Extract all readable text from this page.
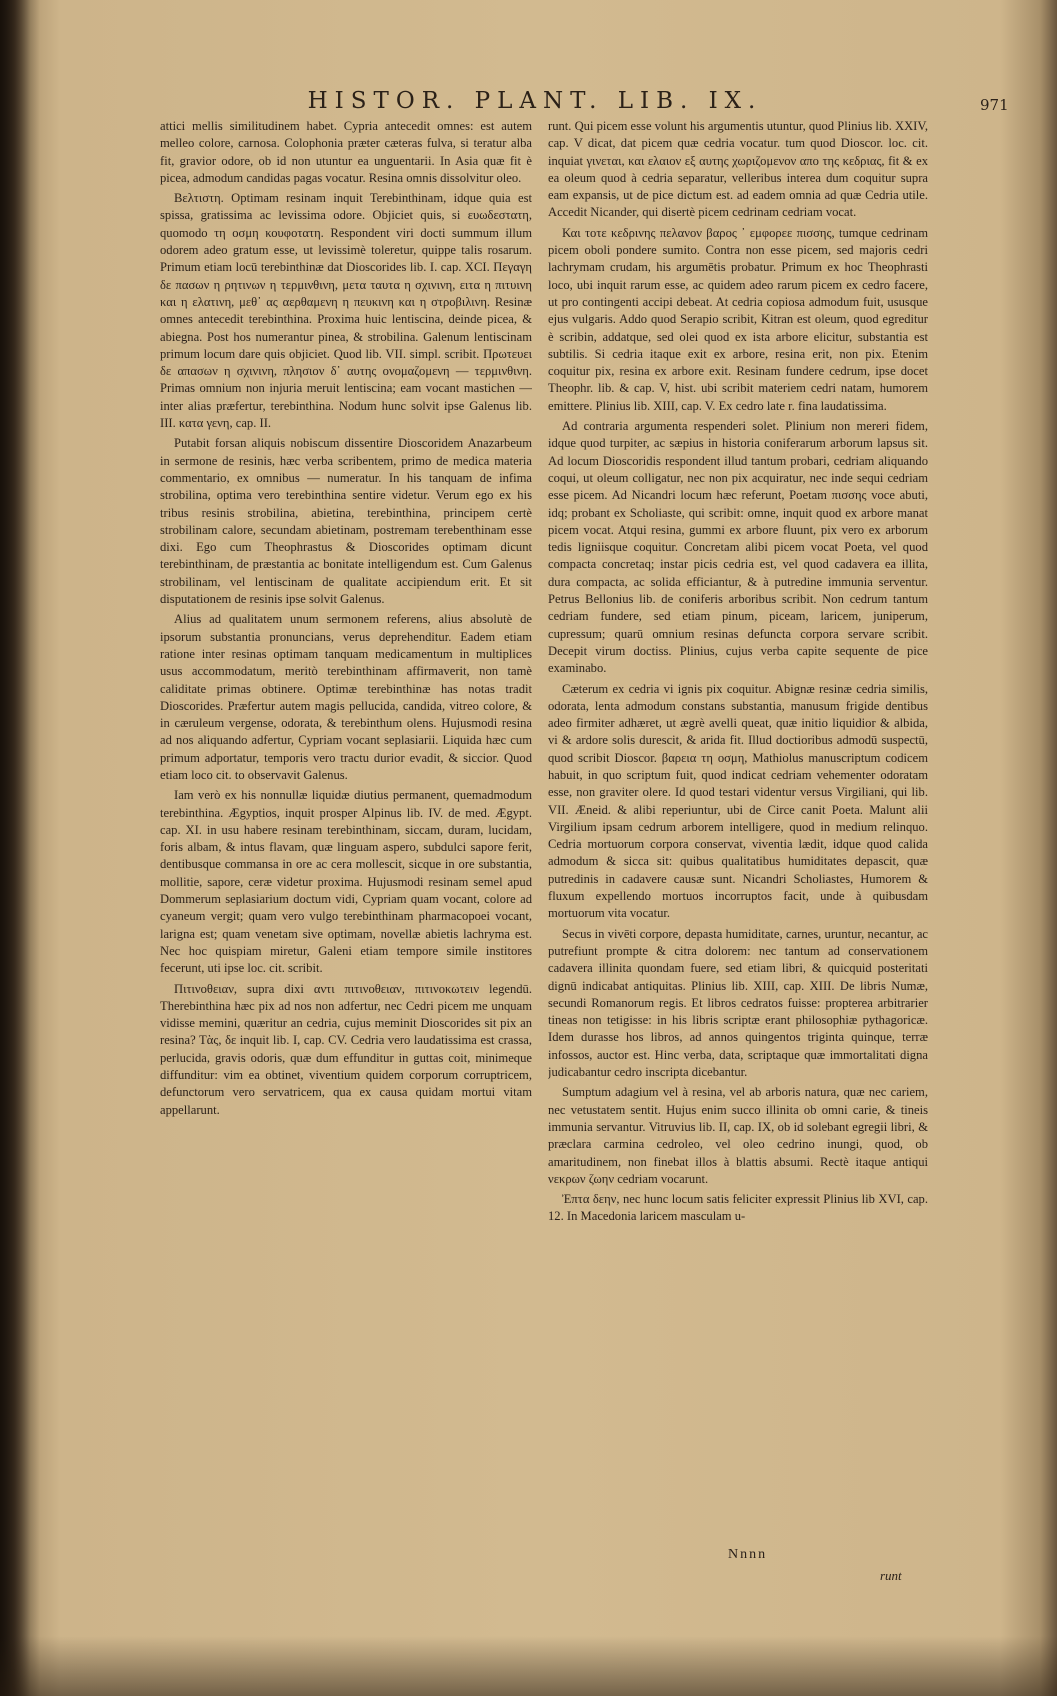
HISTOR. PLANT. LIB. IX.	971

attici mellis similitudinem habet. Cypria antecedit omnes: est autem melleo colore, carnosa. Colophonia præter cæteras fulva, si teratur alba fit, gravior odore, ob id non utuntur ea unguentarii. In Asia quæ fit è picea, admodum candidas pagas vocatur. Resina omnis dissolvitur oleo.

Βελτιστη. Optimam resinam inquit Terebinthinam, idque quia est spissa, gratissima ac levissima odore. Objiciet quis, si ευωδεστατη, quomodo τη οσμη κουφοτατη. Respondent viri docti summum illum odorem adeo gratum esse, ut levissimè toleretur, quippe talis rosarum. Primum etiam locū terebinthinæ dat Dioscorides lib. I. cap. XCI. Πεγαγη δε πασων η ρητινων η τερμινθινη, μετα ταυτα η σχινινη, ειτα η πιτυινη και η ελατινη, μεθ᾽ ας αερθαμενη η πευκινη και η στροβιλινη. Resinæ omnes antecedit terebinthina. Proxima huic lentiscina, deinde picea, & abiegna. Post hos numerantur pinea, & strobilina. Galenum lentiscinam primum locum dare quis objiciet. Quod lib. VII. simpl. scribit. Πρωτευει δε απασων η σχινινη, πλησιον δ᾽ αυτης ονομαζομενη — τερμινθινη. Primas omnium non injuria meruit lentiscina; eam vocant mastichen — inter alias præfertur, terebinthina. Nodum hunc solvit ipse Galenus lib. III. κατα γενη, cap. II.

Putabit forsan aliquis nobiscum dissentire Dioscoridem Anazarbeum in sermone de resinis, hæc verba scribentem, primo de medica materia commentario, ex omnibus — numeratur. In his tanquam de infima strobilina, optima vero terebinthina sentire videtur. Verum ego ex his tribus resinis strobilina, abietina, terebinthina, principem certè strobilinam calore, secundam abietinam, postremam terebenthinam esse dixi. Ego cum Theophrastus & Dioscorides optimam dicunt terebinthinam, de præstantia ac bonitate intelligendum est. Cum Galenus strobilinam, vel lentiscinam de qualitate accipiendum erit. Et sit disputationem de resinis ipse solvit Galenus.

Alius ad qualitatem unum sermonem referens, alius absolutè de ipsorum substantia pronuncians, verus deprehenditur. Eadem etiam ratione inter resinas optimam tanquam medicamentum in multiplices usus accommodatum, meritò terebinthinam affirmaverit, non tamè caliditate primas obtinere. Optimæ terebinthinæ has notas tradit Dioscorides. Præfertur autem magis pellucida, candida, vitreo colore, & in cæruleum vergense, odorata, & terebinthum olens. Hujusmodi resina ad nos aliquando adfertur, Cypriam vocant seplasiarii. Liquida hæc cum primum adportatur, temporis vero tractu durior evadit, & siccior. Quod etiam loco cit. to observavit Galenus.

Iam verò ex his nonnullæ liquidæ diutius permanent, quemadmodum terebinthina. Ægyptios, inquit prosper Alpinus lib. IV. de med. Ægypt. cap. XI. in usu habere resinam terebinthinam, siccam, duram, lucidam, foris albam, & intus flavam, quæ linguam aspero, subdulci sapore ferit, dentibusque commansa in ore ac cera mollescit, sicque in ore substantia, mollitie, sapore, ceræ videtur proxima. Hujusmodi resinam semel apud Dommerum seplasiarium doctum vidi, Cypriam quam vocant, colore ad cyaneum vergit; quam vero vulgo terebinthinam pharmacopoei vocant, larigna est; quam venetam sive optimam, novellæ abietis lachryma est. Nec hoc quispiam miretur, Galeni etiam tempore simile institores fecerunt, uti ipse loc. cit. scribit.

Πιτινοθειαν, supra dixi αντι πιτινοθειαν, πιτινοκωτειν legendū. Therebinthina hæc pix ad nos non adfertur, nec Cedri picem me unquam vidisse memini, quæritur an cedria, cujus meminit Dioscorides sit pix an resina? Tὰς, δε inquit lib. I, cap. CV. Cedria vero laudatissima est crassa, perlucida, gravis odoris, quæ dum effunditur in guttas coit, minimeque diffunditur: vim ea obtinet, viventium quidem corporum corruptricem, defunctorum vero servatricem, qua ex causa quidam mortui vitam appellarunt.

runt. Qui picem esse volunt his argumentis utuntur, quod Plinius lib. XXIV, cap. V dicat, dat picem quæ cedria vocatur. tum quod Dioscor. loc. cit. inquiat γινεται, και ελαιον εξ αυτης χωριζομενον απο της κεδριας, fit & ex ea oleum quod à cedria separatur, velleribus interea dum coquitur supra eam expansis, ut de pice dictum est. ad eadem omnia ad quæ Cedria utile. Accedit Nicander, qui disertè picem cedrinam cedriam vocat.

Και τοτε κεδρινης πελανον βαρος ᾽ εμφορεε πισσης, tumque cedrinam picem oboli pondere sumito. Contra non esse picem, sed majoris cedri lachrymam crudam, his argumētis probatur. Primum ex hoc Theophrasti loco, ubi inquit rarum esse, ac quidem adeo rarum picem ex cedro facere, ut pro contingenti accipi debeat. At cedria copiosa admodum fuit, ususque ejus vulgaris. Addo quod Serapio scribit, Kitran est oleum, quod egreditur è scribin, addatque, sed olei quod ex ista arbore elicitur, substantia est subtilis. Si cedria itaque exit ex arbore, resina erit, non pix. Etenim coquitur pix, resina ex arbore exit. Resinam fundere cedrum, ipse docet Theophr. lib. & cap. V, hist. ubi scribit materiem cedri natam, humorem emittere. Plinius lib. XIII, cap. V. Ex cedro late r. fina laudatissima.

Ad contraria argumenta respenderi solet. Plinium non mereri fidem, idque quod turpiter, ac sæpius in historia coniferarum arborum lapsus sit. Ad locum Dioscoridis respondent illud tantum probari, cedriam aliquando coqui, ut oleum colligatur, nec non pix acquiratur, nec inde sequi cedriam esse picem. Ad Nicandri locum hæc referunt, Poetam πισσης voce abuti, idq; probant ex Scholiaste, qui scribit: omne, inquit quod ex arbore manat picem vocat. Atqui resina, gummi ex arbore fluunt, pix vero ex arborum tedis ligniisque coquitur. Concretam alibi picem vocat Poeta, vel quod compacta concretaq; instar picis cedria est, vel quod cadavera ea illita, dura compacta, ac solida efficiantur, & à putredine immunia serventur. Petrus Bellonius lib. de coniferis arboribus scribit. Non cedrum tantum cedriam fundere, sed etiam pinum, piceam, laricem, juniperum, cupressum; quarū omnium resinas defuncta corpora servare scribit. Decepit virum doctiss. Plinius, cujus verba capite sequente de pice examinabo.

Cæterum ex cedria vi ignis pix coquitur. Abignæ resinæ cedria similis, odorata, lenta admodum constans substantia, manusum frigide dentibus adeo firmiter adhæret, ut ægrè avelli queat, quæ initio liquidior & albida, vi & ardore solis durescit, & arida fit. Illud doctioribus admodū suspectū, quod scribit Dioscor. βαρεια τη οσμη, Mathiolus manuscriptum codicem habuit, in quo scriptum fuit, quod indicat cedriam vehementer odoratam esse, non graviter olere. Id quod testari videntur versus Virgiliani, qui lib. VII. Æneid. & alibi reperiuntur, ubi de Circe canit Poeta. Malunt alii Virgilium ipsam cedrum arborem intelligere, quod in medium relinquo. Cedria mortuorum corpora conservat, viventia lædit, idque quod calida admodum & sicca sit: quibus qualitatibus humiditates depascit, quæ putredinis in cadavere causæ sunt. Nicandri Scholiastes, Humorem & fluxum expellendo mortuos incorruptos facit, unde à quibusdam mortuorum vita vocatur.

Secus in vivēti corpore, depasta humiditate, carnes, uruntur, necantur, ac putrefiunt prompte & citra dolorem: nec tantum ad conservationem cadavera illinita quondam fuere, sed etiam libri, & quicquid posteritati dignū indicabat antiquitas. Plinius lib. XIII, cap. XIII. De libris Numæ, secundi Romanorum regis. Et libros cedratos fuisse: propterea arbitrarier tineas non tetigisse: in his libris scriptæ erant philosophiæ pythagoricæ. Idem durasse hos libros, ad annos quingentos triginta quinque, terræ infossos, auctor est. Hinc verba, data, scriptaque quæ immortalitati digna judicabantur cedro inscripta dicebantur.

Sumptum adagium vel à resina, vel ab arboris natura, quæ nec cariem, nec vetustatem sentit. Hujus enim succo illinita ob omni carie, & tineis immunia servantur. Vitruvius lib. II, cap. IX, ob id solebant egregii libri, & præclara carmina cedroleo, vel oleo cedrino inungi, quod, ob amaritudinem, non finebat illos à blattis absumi. Rectè itaque antiqui νεκρων ζωην cedriam vocarunt.

Ἐπτα δεην, nec hunc locum satis feliciter expressit Plinius lib XVI, cap. 12. In Macedonia laricem masculam u-

Nnnn
runt
